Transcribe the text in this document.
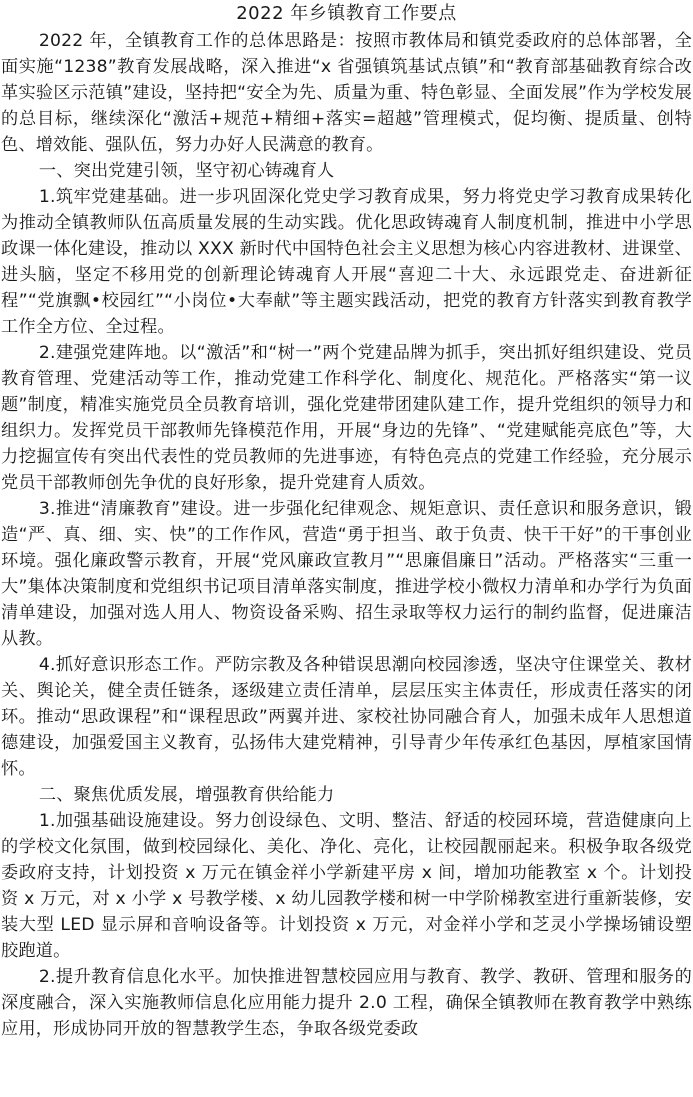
2022 年乡镇教育工作要点

2022 年，全镇教育工作的总体思路是：按照市教体局和镇党委政府的总体部署，全面实施“1238”教育发展战略，深入推进“x 省强镇筑基试点镇”和“教育部基础教育综合改革实验区示范镇”建设，坚持把“安全为先、质量为重、特色彰显、全面发展”作为学校发展的总目标，继续深化“激活+规范+精细+落实=超越”管理模式，促均衡、提质量、创特色、增效能、强队伍，努力办好人民满意的教育。

一、突出党建引领，坚守初心铸魂育人

1.筑牢党建基础。进一步巩固深化党史学习教育成果，努力将党史学习教育成果转化为推动全镇教师队伍高质量发展的生动实践。优化思政铸魂育人制度机制，推进中小学思政课一体化建设，推动以 XXX 新时代中国特色社会主义思想为核心内容进教材、进课堂、进头脑，坚定不移用党的创新理论铸魂育人开展“喜迎二十大、永远跟党走、奋进新征程”“党旗飘•校园红”“小岗位•大奉献”等主题实践活动，把党的教育方针落实到教育教学工作全方位、全过程。

2.建强党建阵地。以“激活”和“树一”两个党建品牌为抓手，突出抓好组织建设、党员教育管理、党建活动等工作，推动党建工作科学化、制度化、规范化。严格落实“第一议题”制度，精准实施党员全员教育培训，强化党建带团建队建工作，提升党组织的领导力和组织力。发挥党员干部教师先锋模范作用，开展“身边的先锋”、“党建赋能亮底色”等，大力挖掘宣传有突出代表性的党员教师的先进事迹，有特色亮点的党建工作经验，充分展示党员干部教师创先争优的良好形象，提升党建育人质效。

3.推进“清廉教育”建设。进一步强化纪律观念、规矩意识、责任意识和服务意识，锻造“严、真、细、实、快”的工作作风，营造“勇于担当、敢于负责、快干干好”的干事创业环境。强化廉政警示教育，开展“党风廉政宣教月”“思廉倡廉日”活动。严格落实“三重一大”集体决策制度和党组织书记项目清单落实制度，推进学校小微权力清单和办学行为负面清单建设，加强对选人用人、物资设备采购、招生录取等权力运行的制约监督，促进廉洁从教。

4.抓好意识形态工作。严防宗教及各种错误思潮向校园渗透，坚决守住课堂关、教材关、舆论关，健全责任链条，逐级建立责任清单，层层压实主体责任，形成责任落实的闭环。推动“思政课程”和“课程思政”两翼并进、家校社协同融合育人，加强未成年人思想道德建设，加强爱国主义教育，弘扬伟大建党精神，引导青少年传承红色基因，厚植家国情怀。

二、聚焦优质发展，增强教育供给能力

1.加强基础设施建设。努力创设绿色、文明、整洁、舒适的校园环境，营造健康向上的学校文化氛围，做到校园绿化、美化、净化、亮化，让校园靓丽起来。积极争取各级党委政府支持，计划投资 x 万元在镇金祥小学新建平房 x 间，增加功能教室 x 个。计划投资 x 万元，对 x 小学 x 号教学楼、x 幼儿园教学楼和树一中学阶梯教室进行重新装修，安装大型 LED 显示屏和音响设备等。计划投资 x 万元，对金祥小学和芝灵小学操场铺设塑胶跑道。

2.提升教育信息化水平。加快推进智慧校园应用与教育、教学、教研、管理和服务的深度融合，深入实施教师信息化应用能力提升 2.0 工程，确保全镇教师在教育教学中熟练应用，形成协同开放的智慧教学生态，争取各级党委政
